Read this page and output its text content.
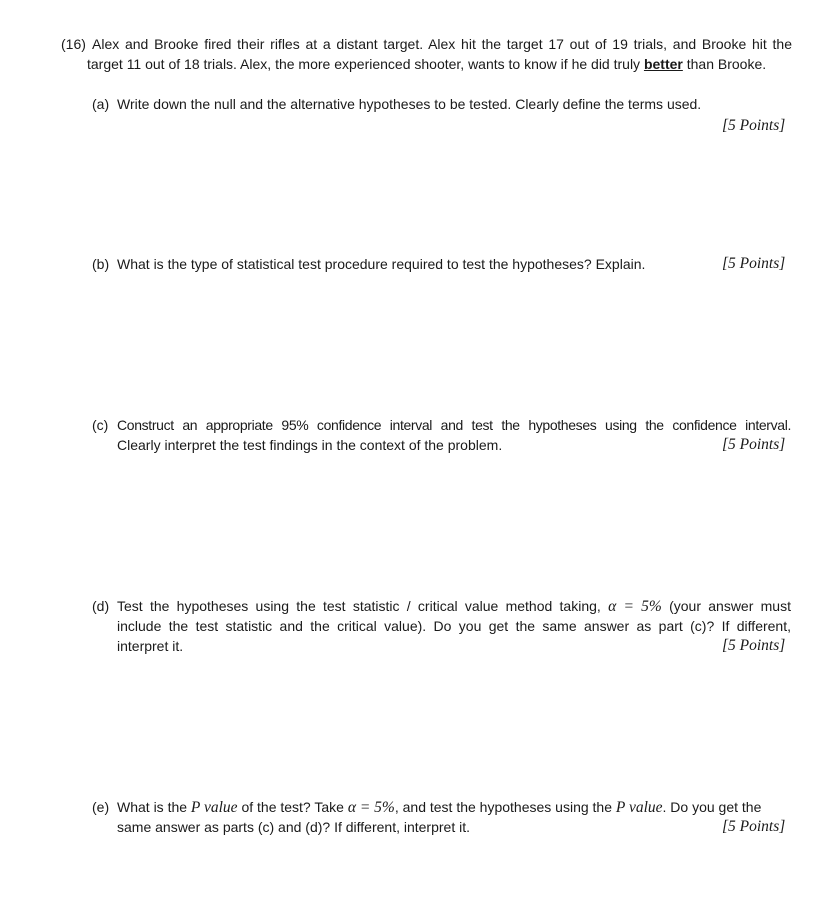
(16) Alex and Brooke fired their rifles at a distant target. Alex hit the target 17 out of 19 trials, and Brooke hit the
target 11 out of 18 trials. Alex, the more experienced shooter, wants to know if he did truly better than Brooke.
(a) Write down the null and the alternative hypotheses to be tested. Clearly define the terms used.
[5 Points]
(b) What is the type of statistical test procedure required to test the hypotheses? Explain.	[5 Points]
(c) Construct an appropriate 95% confidence interval and test the hypotheses using the confidence interval.
Clearly interpret the test findings in the context of the problem.	[5 Points]
(d) Test the hypotheses using the test statistic / critical value method taking, α = 5% (your answer must
include the test statistic and the critical value). Do you get the same answer as part (c)? If different,
interpret it.	[5 Points]
(e) What is the P value of the test? Take α = 5%, and test the hypotheses using the P value. Do you get the
same answer as parts (c) and (d)? If different, interpret it.	[5 Points]
